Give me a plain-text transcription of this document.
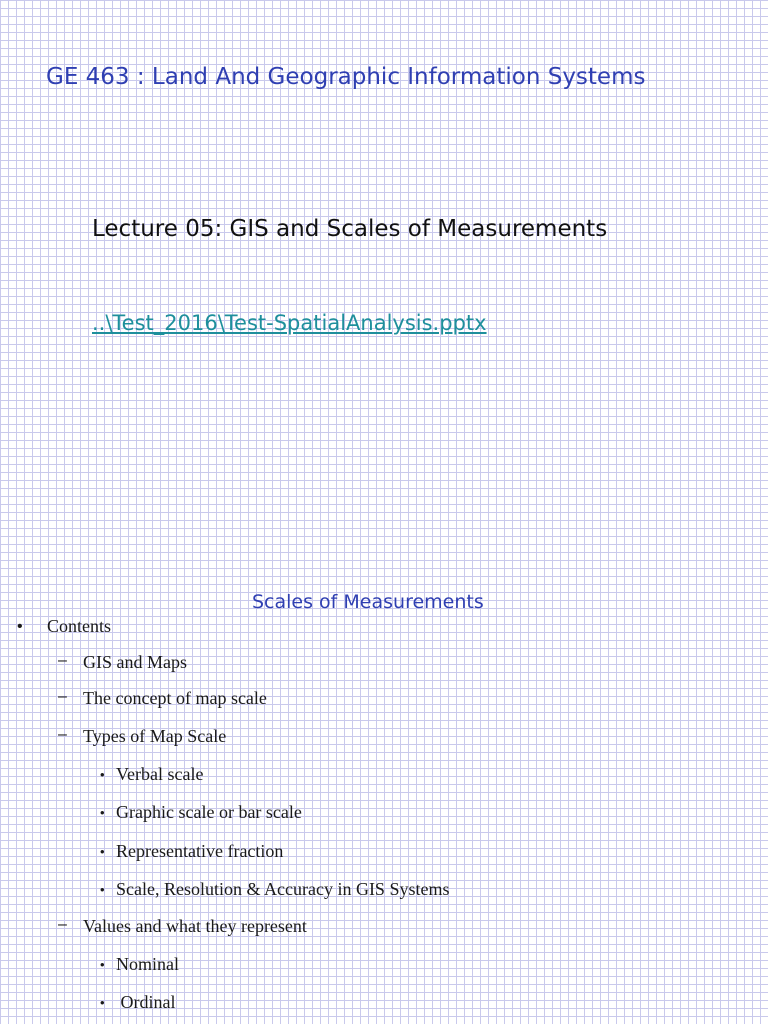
GE 463 : Land And Geographic Information Systems
Lecture 05: GIS and Scales of Measurements
..\Test_2016\Test-SpatialAnalysis.pptx
Scales of Measurements
• Contents
– GIS and Maps
– The concept of map scale
– Types of Map Scale
• Verbal scale
• Graphic scale or bar scale
• Representative fraction
• Scale, Resolution & Accuracy in GIS Systems
– Values and what they represent
• Nominal
• Ordinal
